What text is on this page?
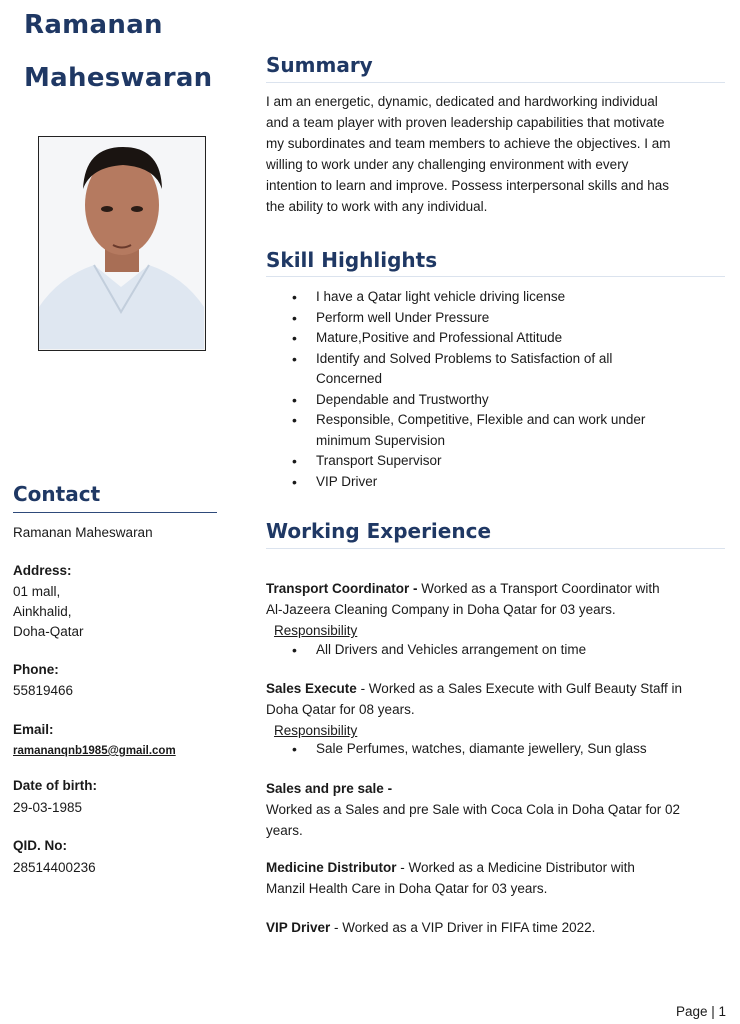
Ramanan
Maheswaran
Contact
Ramanan Maheswaran
Address:
01 mall,
Ainkhalid,
Doha-Qatar
Phone:
55819466
Email:
ramananqnb1985@gmail.com
Date of birth:
29-03-1985
QID. No:
28514400236
Summary
I am an energetic, dynamic, dedicated and hardworking individual
and a team player with proven leadership capabilities that motivate
my subordinates and team members to achieve the objectives. I am
willing to work under any challenging environment with every
intention to learn and improve. Possess interpersonal skills and has
the ability to work with any individual.
Skill Highlights
• I have a Qatar light vehicle driving license
• Perform well Under Pressure
• Mature,Positive and Professional Attitude
• Identify and Solved Problems to Satisfaction of all Concerned
• Dependable and Trustworthy
• Responsible, Competitive, Flexible and can work under minimum Supervision
• Transport Supervisor
• VIP Driver
Working Experience
Transport Coordinator - Worked as a Transport Coordinator with
Al-Jazeera Cleaning Company in Doha Qatar for 03 years.
Responsibility
• All Drivers and Vehicles arrangement on time
Sales Execute - Worked as a Sales Execute with Gulf Beauty Staff in
Doha Qatar for 08 years.
Responsibility
• Sale Perfumes, watches, diamante jewellery, Sun glass
Sales and pre sale -
Worked as a Sales and pre Sale with Coca Cola in Doha Qatar for 02
years.
Medicine Distributor - Worked as a Medicine Distributor with
Manzil Health Care in Doha Qatar for 03 years.
VIP Driver - Worked as a VIP Driver in FIFA time 2022.
Page | 1
